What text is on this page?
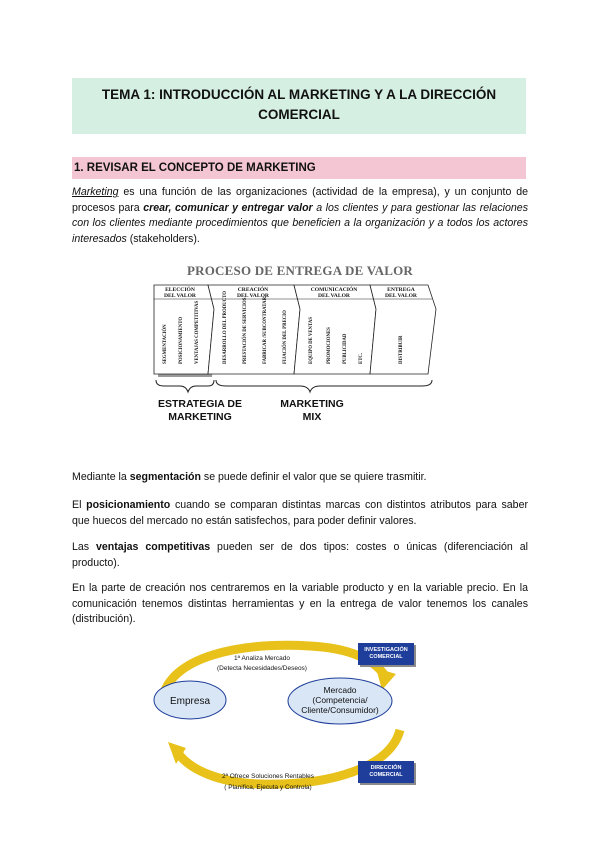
TEMA 1: INTRODUCCIÓN AL MARKETING Y A LA DIRECCIÓN
COMERCIAL
1. REVISAR EL CONCEPTO DE MARKETING
Marketing es una función de las organizaciones (actividad de la empresa), y un conjunto de procesos para crear, comunicar y entregar valor a los clientes y para gestionar las relaciones con los clientes mediante procedimientos que beneficien a la organización y a todos los actores interesados (stakeholders).
PROCESO DE ENTREGA DE VALOR
ELECCIÓN
DEL VALOR
CREACIÓN
DEL VALOR
COMUNICACIÓN
DEL VALOR
ENTREGA
DEL VALOR
SEGMENTACIÓN POSICIONAMIENTO VENTAJAS COMPETITIVAS	DESARROLLO DEL PRODUCTO	PRESTACIÓN DE SERVICIOS	FABRICAR /SUBCONTRATAR	FIJACIÓN DEL PRECIO	EQUIPO DE VENTAS	PROMOCIONES PUBLICIDAD ETC.	DISTRIBUIR
ESTRATEGIA DE
MARKETING
MARKETING
MIX
Mediante la segmentación se puede definir el valor que se quiere trasmitir.
El posicionamiento cuando se comparan distintas marcas con distintos atributos para saber que huecos del mercado no están satisfechos, para poder definir valores.
Las ventajas competitivas pueden ser de dos tipos: costes o únicas (diferenciación al producto).
En la parte de creación nos centraremos en la variable producto y en la variable precio. En la comunicación tenemos distintas herramientas y en la entrega de valor tenemos los canales (distribución).
Empresa
Mercado
(Competencia/
Cliente/Consumidor)
1ª Analiza Mercado
(Detecta Necesidades/Deseos)
2ª Ofrece Soluciones Rentables
( Planifica, Ejecuta y Controla)
INVESTIGACIÓN
COMERCIAL
DIRECCIÓN
COMERCIAL
